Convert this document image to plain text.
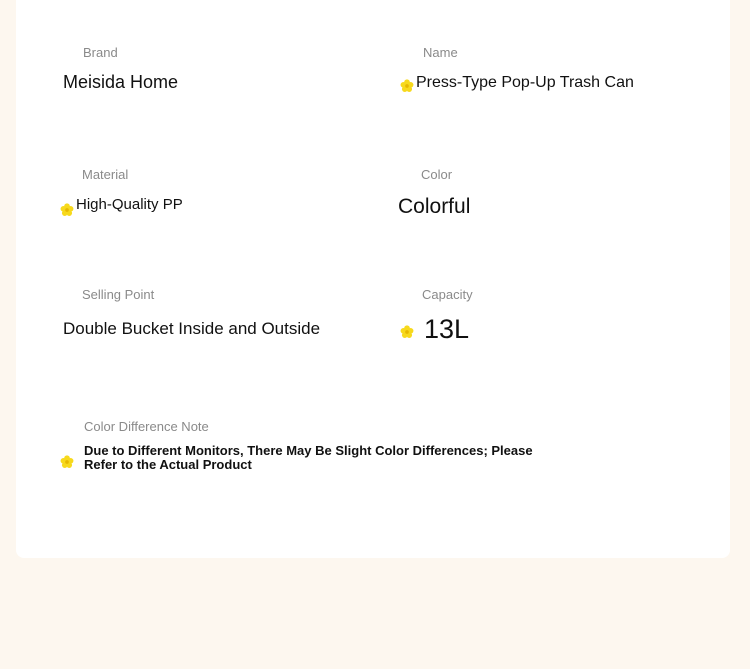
Brand
Meisida Home
Name
Press-Type Pop-Up Trash Can
Material
High-Quality PP
Color
Colorful
Selling Point
Double Bucket Inside and Outside
Capacity
13L
Color Difference Note
Due to Different Monitors, There May Be Slight Color Differences; Please Refer to the Actual Product
